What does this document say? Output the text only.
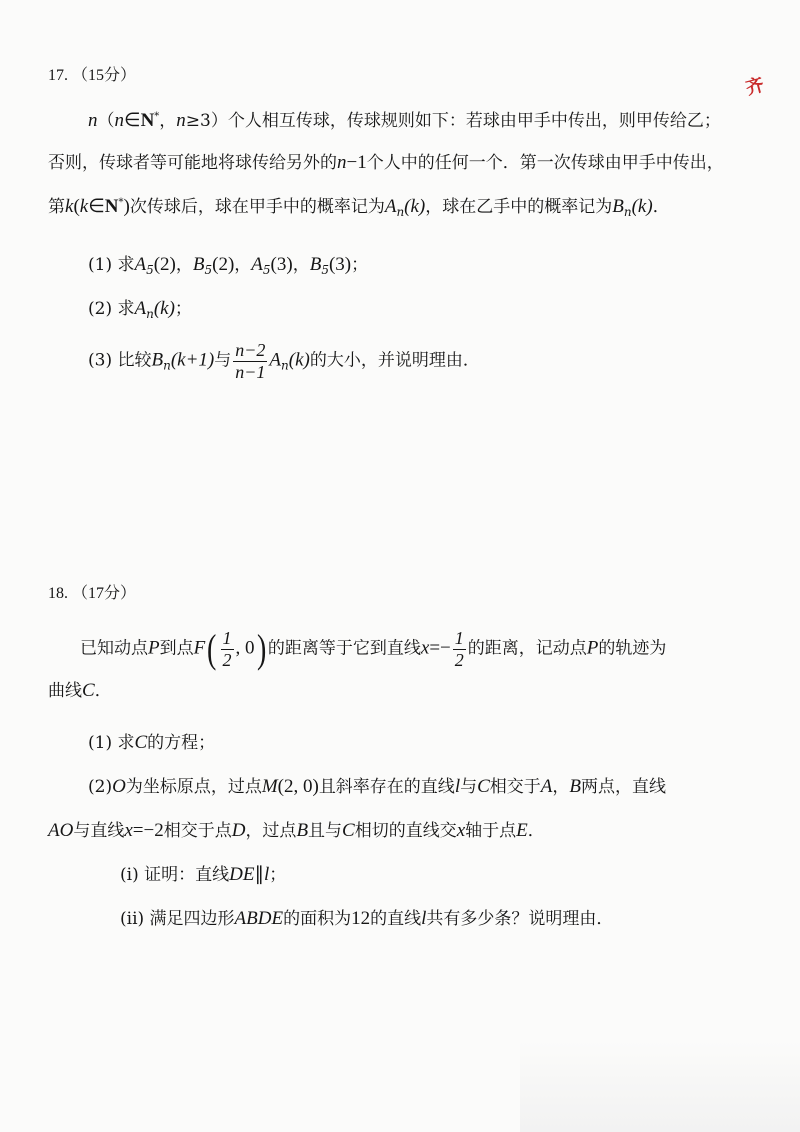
齐
17. （15分）
n（n∈N*，n≥3）个人相互传球，传球规则如下：若球由甲手中传出，则甲传给乙；
否则，传球者等可能地将球传给另外的n−1个人中的任何一个．第一次传球由甲手中传出，
第k(k∈N*)次传球后，球在甲手中的概率记为$A_n(k)$，球在乙手中的概率记为$B_n(k)$．
(1) 求$A_5(2)$，$B_5(2)$，$A_5(3)$，$B_5(3)$；
(2) 求$A_n(k)$；
(3) 比较$B_n(k+1)$与 $\frac{n-2}{n-1} A_n(k)$的大小，并说明理由．
18. （17分）
已知动点P到点$F( \frac{1}{2}$ , 0) 的距离等于它到直线$x=- \frac{1}{2}$ 的距离，记动点P的轨迹为
曲线C．
(1) 求C的方程；
(2)O为坐标原点，过点M(2, 0)且斜率存在的直线l与C相交于A，B两点，直线
AO与直线x=−2相交于点D，过点B且与C相切的直线交x轴于点E．
(i) 证明：直线DE∥l；
(ii) 满足四边形ABDE的面积为12的直线l共有多少条？说明理由．
